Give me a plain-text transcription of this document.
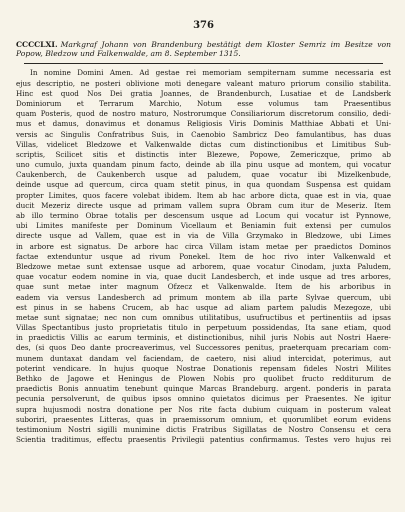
376
CCCCLXI. Markgraf Johann von Brandenburg bestätigt dem Kloster Semriz im Besitze von Popow, Bledzow und Falkenwalde, am 8. September 1315.
In nomine Domini Amen. Ad gestae rei memoriam sempiternam summe necessaria est
ejus descriptio, ne posteri oblivione moti denegare valeant maturo priorum consilio stabilita.
Hinc est quod Nos Dei gratia Joannes, de Brandenburch, Lusatiae et de Landsberk
Dominiorum et Terrarum Marchio, Notum esse volumus tam Praesentibus
quam Posteris, quod de nostro maturo, Nostrorumque Consiliariorum discretorum consilio, dedi-
mus et damus, donavimus et donamus Religiosis Viris Dominis Matthiae Abbati et Uni-
versis ac Singulis Confratribus Suis, in Caenobio Sambricz Deo famulantibus, has duas
Villas, videlicet Bledzowe et Valkenwalde dictas cum distinctionibus et Limitibus Sub-
scriptis, Scilicet sitis et distinctis inter Blezewe, Popowe, Zemericzque, primo ab
uno cumulo, juxta quandam pinum facto, deinde ab illa pinu usque ad montem, qui vocatur
Caukenberch, de Caukenberch usque ad paludem, quae vocatur ibi Mizelkenbude,
deinde usque ad quercum, circa quam stetit pinus, in qua quondam Suspensa est quidam
propter Limites, quos facere volebat ibidem. Item ab hac arbore dicta, quae est in via, quae
ducit Mezeriz directe usque ad primam vallem supra Obram cum itur de Meseriz. Item
ab illo termino Obrae totalis per descensum usque ad Locum qui vocatur ist Pynnowe,
ubi Limites manifeste per Dominum Vicellaum et Beniamin fuit extensi per cumulos
directe usque ad Vallem, quae est in via de Villa Grzymako in Bledzowe, ubi Limes
in arbore est signatus. De arbore hac circa Villam istam metae per praedictos Dominos
factae extenduntur usque ad rivum Ponekel. Item de hoc rivo inter Valkenwald et
Bledzowe metae sunt extensae usque ad arborem, quae vocatur Cinodam, juxta Paludem,
quae vocatur eodem nomine in via, quae ducit Landesberch, et inde usque ad tres arbores,
quae sunt metae inter magnum Ofzecz et Valkenwalde. Item de his arboribus in
eadem via versus Landesberch ad primum montem ab illa parte Sylvae quercum, ubi
est pinus in se habens Crucem, ab hac usque ad aliam partem paludis Mezegoze, ubi
metae sunt signatae; nec non cum omnibus utilitatibus, usufructibus et pertinentiis ad ipsas
Villas Spectantibus justo proprietatis titulo in perpetuum possidendas, Ita sane etiam, quod
in praedictis Villis ac earum terminis, et distinctionibus, nihil juris Nobis aut Nostri Haere-
des, (si quos Deo dante procreaverimus, vel Successores penitus, praeterquam precariam com-
munem duntaxat dandam vel faciendam, de caetero, nisi aliud intercidat, poterimus, aut
poterint vendicare. In hujus quoque Nostrae Donationis repensam fideles Nostri Milites
Bethko de Jagowe et Heningus de Plowen Nobis pro quolibet fructo redditurum de
praedictis Bonis annuatim tenebunt quinque Marcas Brandeburg. argent. ponderis in parata
pecunia persolverunt, de quibus ipsos omnino quietatos dicimus per Praesentes. Ne igitur
supra hujusmodi nostra donatione per Nos rite facta dubium cuiquam in posterum valeat
suboriri, praesentes Litteras, quas in praemissorum omnium, et quorumlibet eorum evidens
testimonium Nostri sigilli munimine dictis Fratribus Sigillatas de Nostro Consensu et cera
Scientia traditimus, effectu praesentis Privilegii patentius confirmamus. Testes vero hujus rei
